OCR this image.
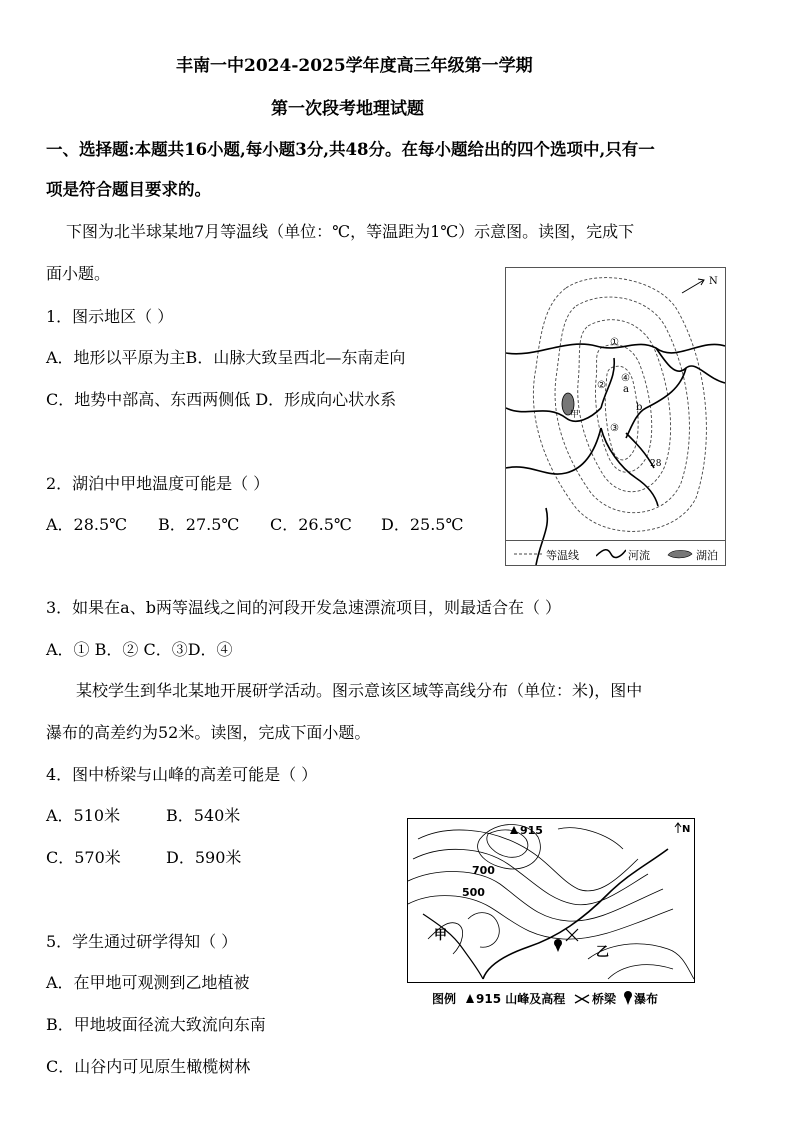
丰南一中2024-2025学年度高三年级第一学期
第一次段考地理试题
一、选择题:本题共16小题,每小题3分,共48分。在每小题给出的四个选项中,只有一
项是符合题目要求的。
下图为北半球某地7月等温线（单位：℃，等温距为1℃）示意图。读图，完成下
面小题。
1．图示地区（ ）
A．地形以平原为主B．山脉大致呈西北—东南走向
C．地势中部高、东西两侧低 D．形成向心状水系
2．湖泊中甲地温度可能是（ ）
A．28.5℃ B．27.5℃ C．26.5℃ D．25.5℃
N
①
②
④
③
a
b
甲
28
等温线	河流	湖泊
3．如果在a、b两等温线之间的河段开发急速漂流项目，则最适合在（ ）
A．① B．② C．③D．④
某校学生到华北某地开展研学活动。图示意该区域等高线分布（单位：米)，图中
瀑布的高差约为52米。读图，完成下面小题。
4．图中桥梁与山峰的高差可能是（ ）
A．510米	B．540米
C．570米	D．590米
5．学生通过研学得知（ ）
A．在甲地可观测到乙地植被
B．甲地坡面径流大致流向东南
C．山谷内可见原生橄榄树林
N
915
700
500
甲
乙
图例 915 山峰及高程 桥梁 瀑布
